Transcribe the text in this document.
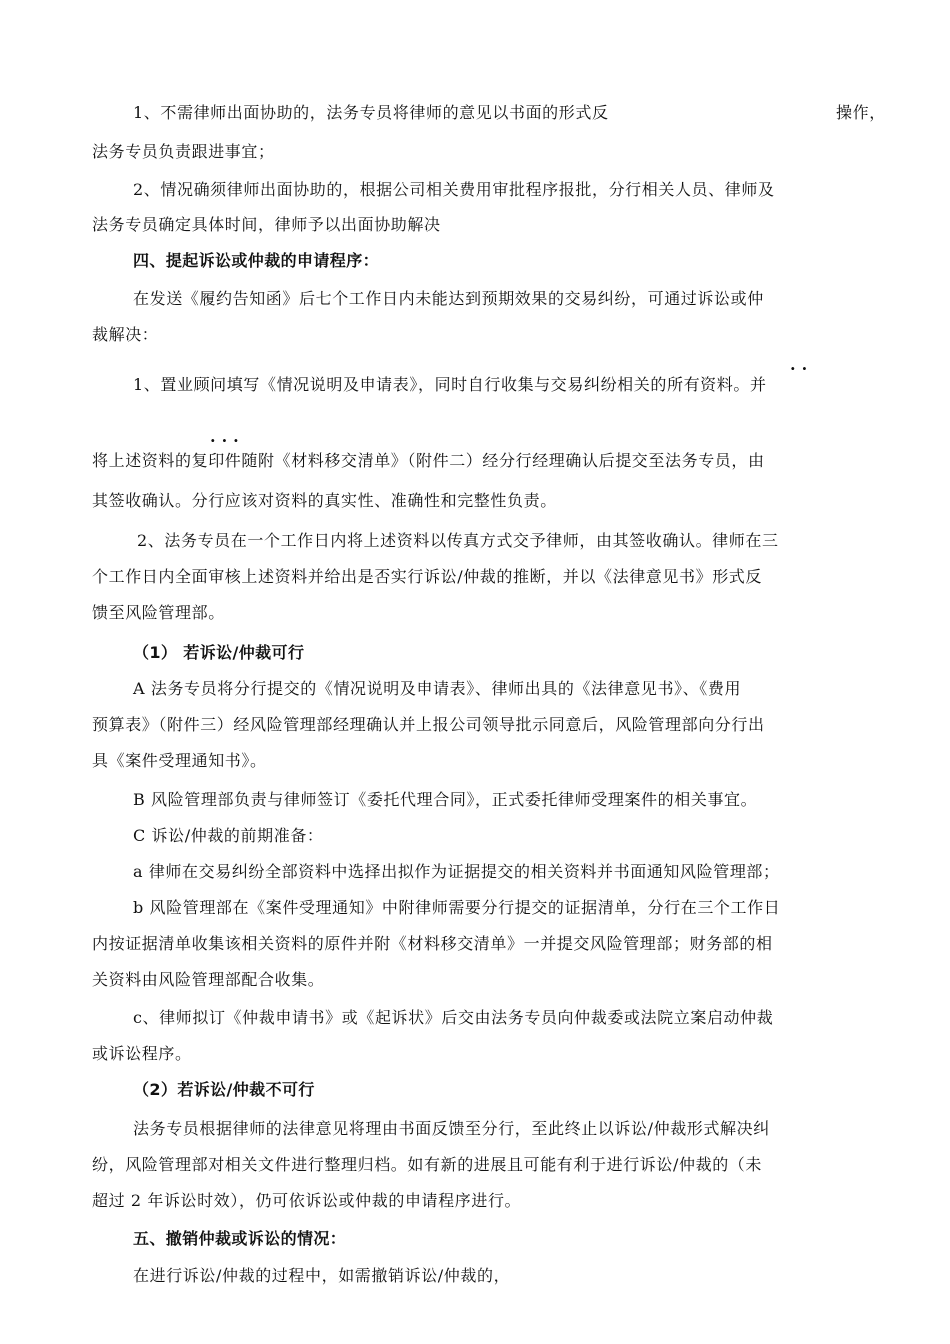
1、不需律师出面协助的，法务专员将律师的意见以书面的形式反	操作，
法务专员负责跟进事宜；
2、情况确须律师出面协助的，根据公司相关费用审批程序报批，分行相关人员、律师及
法务专员确定具体时间，律师予以出面协助解决
四、提起诉讼或仲裁的申请程序：
在发送《履约告知函》后七个工作日内未能达到预期效果的交易纠纷，可通过诉讼或仲
裁解决：
··
1、置业顾问填写《情况说明及申请表》，同时自行收集与交易纠纷相关的所有资料。并
···
将上述资料的复印件随附《材料移交清单》（附件二）经分行经理确认后提交至法务专员，由
其签收确认。分行应该对资料的真实性、准确性和完整性负责。
2、法务专员在一个工作日内将上述资料以传真方式交予律师，由其签收确认。律师在三
个工作日内全面审核上述资料并给出是否实行诉讼/仲裁的推断，并以《法律意见书》形式反
馈至风险管理部。
（1） 若诉讼/仲裁可行
A 法务专员将分行提交的《情况说明及申请表》、律师出具的《法律意见书》、《费用
预算表》（附件三）经风险管理部经理确认并上报公司领导批示同意后，风险管理部向分行出
具《案件受理通知书》。
B 风险管理部负责与律师签订《委托代理合同》，正式委托律师受理案件的相关事宜。
C 诉讼/仲裁的前期准备：
a 律师在交易纠纷全部资料中选择出拟作为证据提交的相关资料并书面通知风险管理部；
b 风险管理部在《案件受理通知》中附律师需要分行提交的证据清单，分行在三个工作日
内按证据清单收集该相关资料的原件并附《材料移交清单》一并提交风险管理部；财务部的相
关资料由风险管理部配合收集。
c、律师拟订《仲裁申请书》或《起诉状》后交由法务专员向仲裁委或法院立案启动仲裁
或诉讼程序。
（2）若诉讼/仲裁不可行
法务专员根据律师的法律意见将理由书面反馈至分行，至此终止以诉讼/仲裁形式解决纠
纷，风险管理部对相关文件进行整理归档。如有新的进展且可能有利于进行诉讼/仲裁的（未
超过 2 年诉讼时效），仍可依诉讼或仲裁的申请程序进行。
五、撤销仲裁或诉讼的情况：
在进行诉讼/仲裁的过程中，如需撤销诉讼/仲裁的，
